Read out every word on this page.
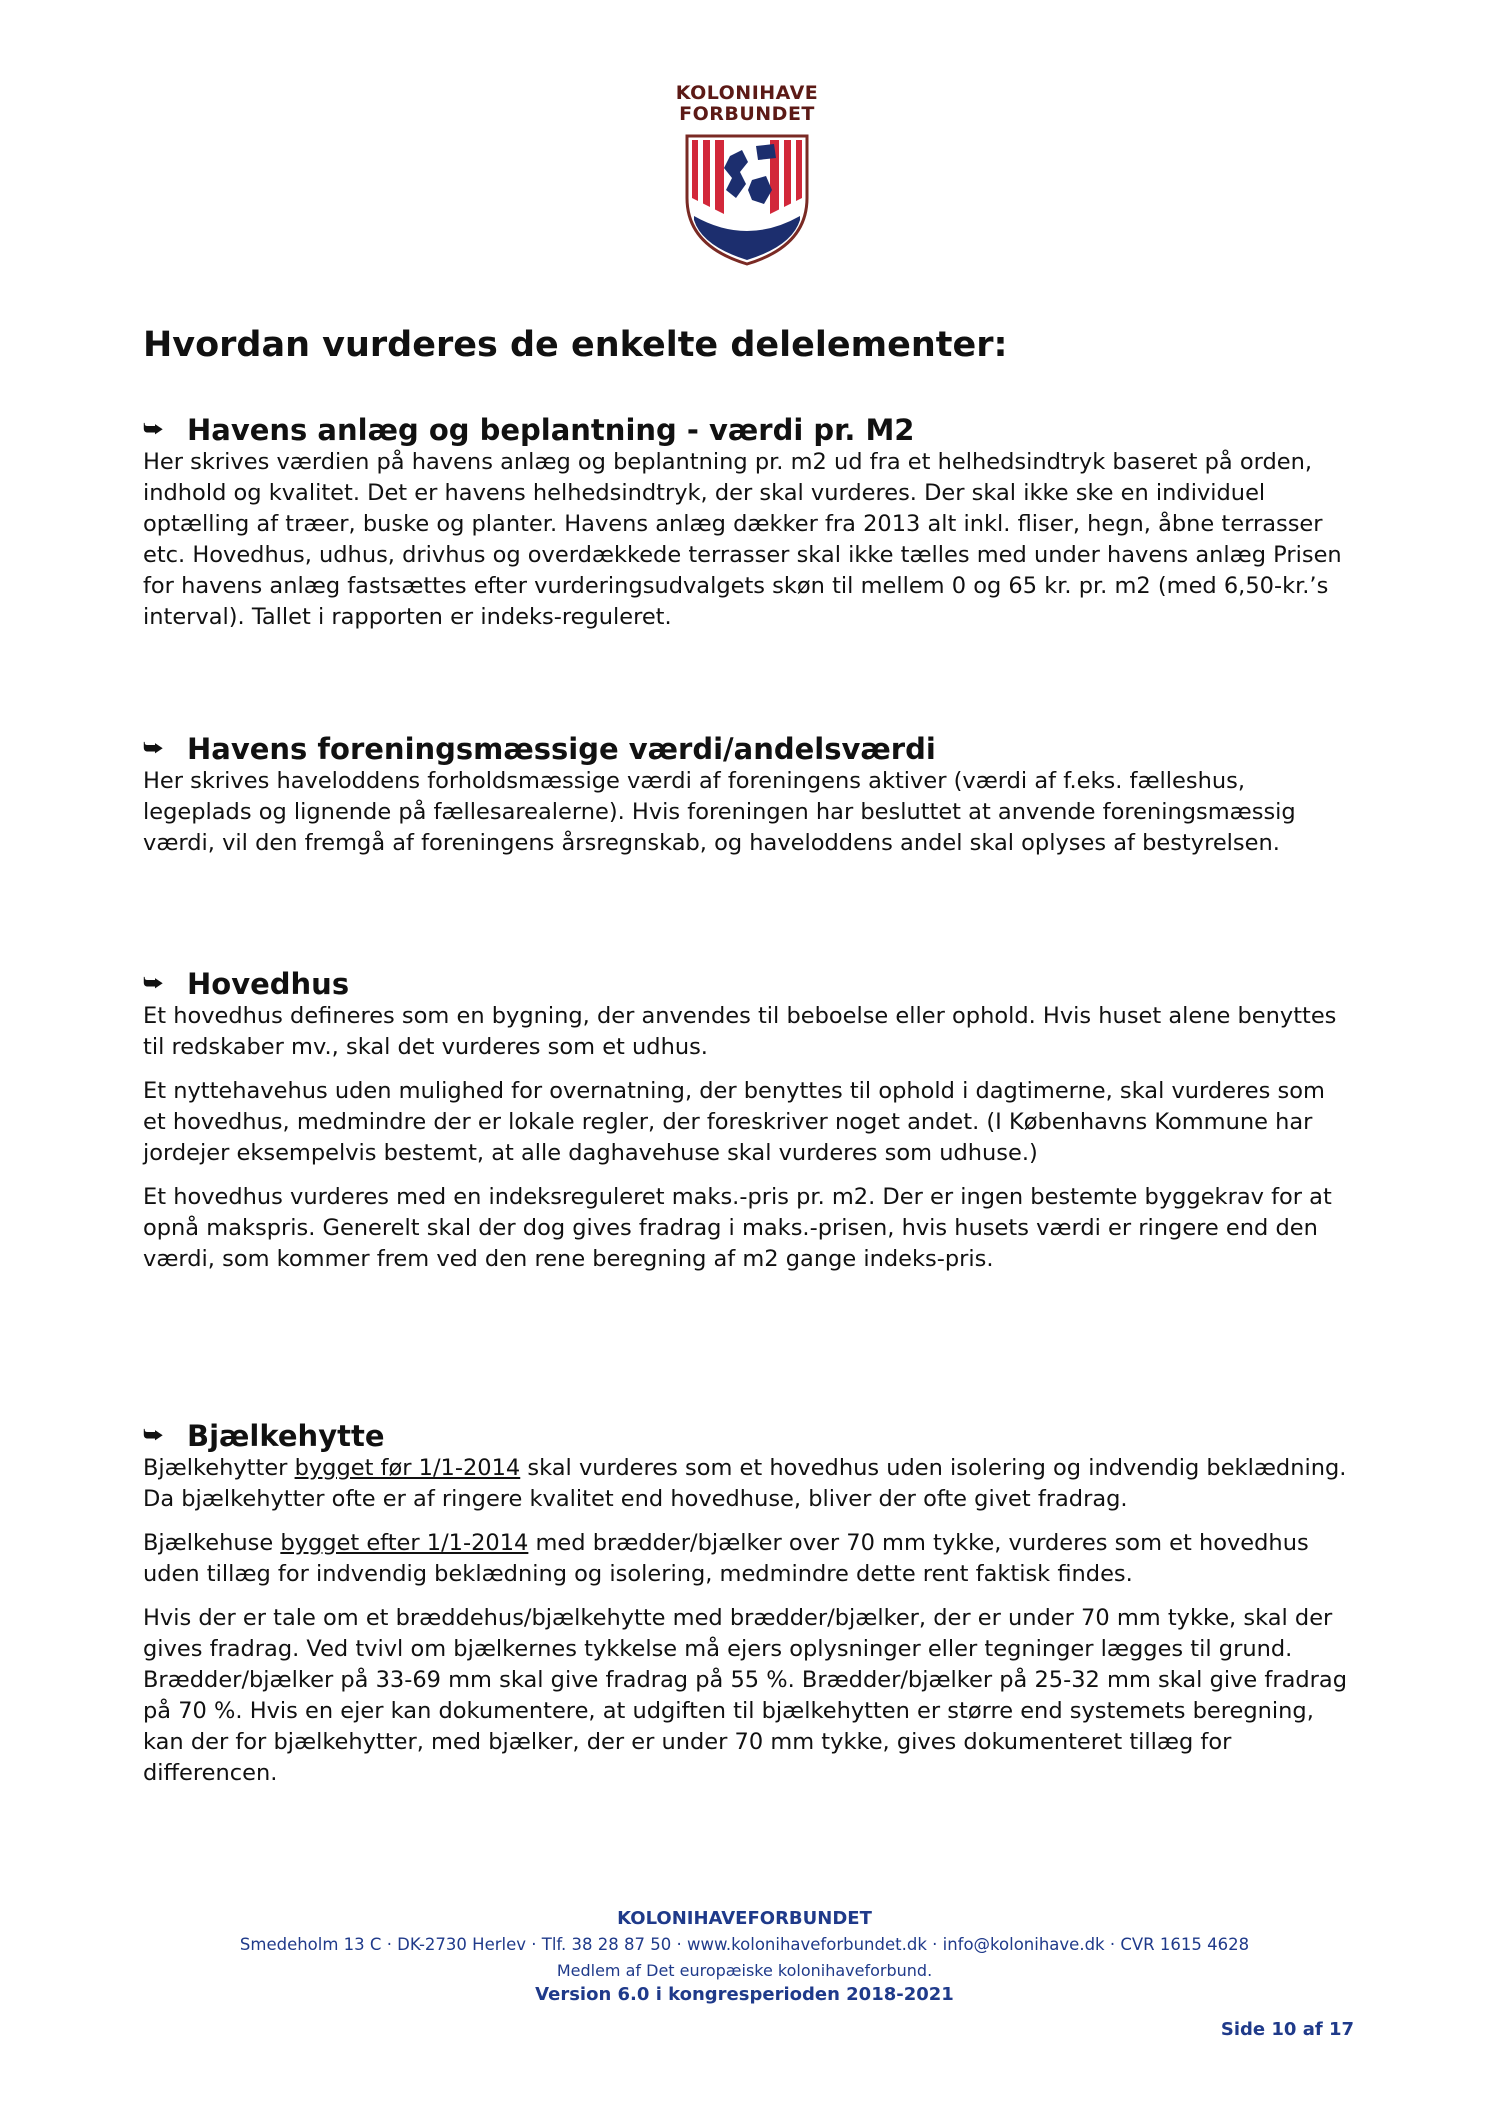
KOLONIHAVE
FORBUNDET
Hvordan vurderes de enkelte delelementer:
⮩ Havens anlæg og beplantning - værdi pr. M2

Her skrives værdien på havens anlæg og beplantning pr. m2 ud fra et helhedsindtryk baseret på orden, indhold og kvalitet. Det er havens helhedsindtryk, der skal vurderes. Der skal ikke ske en individuel optælling af træer, buske og planter. Havens anlæg dækker fra 2013 alt inkl. fliser, hegn, åbne terrasser etc. Hovedhus, udhus, drivhus og overdækkede terrasser skal ikke tælles med under havens anlæg Prisen for havens anlæg fastsættes efter vurderingsudvalgets skøn til mellem 0 og 65 kr. pr. m2 (med 6,50-kr.’s interval). Tallet i rapporten er indeks-reguleret.

⮩ Havens foreningsmæssige værdi/andelsværdi

Her skrives haveloddens forholdsmæssige værdi af foreningens aktiver (værdi af f.eks. fælleshus, legeplads og lignende på fællesarealerne). Hvis foreningen har besluttet at anvende foreningsmæssig værdi, vil den fremgå af foreningens årsregnskab, og haveloddens andel skal oplyses af bestyrelsen.

⮩ Hovedhus

Et hovedhus defineres som en bygning, der anvendes til beboelse eller ophold. Hvis huset alene benyttes til redskaber mv., skal det vurderes som et udhus.

Et nyttehavehus uden mulighed for overnatning, der benyttes til ophold i dagtimerne, skal vurderes som et hovedhus, medmindre der er lokale regler, der foreskriver noget andet. (I Københavns Kommune har jordejer eksempelvis bestemt, at alle daghavehuse skal vurderes som udhuse.)

Et hovedhus vurderes med en indeksreguleret maks.-pris pr. m2. Der er ingen bestemte byggekrav for at opnå makspris. Generelt skal der dog gives fradrag i maks.-prisen, hvis husets værdi er ringere end den værdi, som kommer frem ved den rene beregning af m2 gange indeks-pris.

⮩ Bjælkehytte

Bjælkehytter bygget før 1/1-2014 skal vurderes som et hovedhus uden isolering og indvendig beklædning. Da bjælkehytter ofte er af ringere kvalitet end hovedhuse, bliver der ofte givet fradrag.

Bjælkehuse bygget efter 1/1-2014 med brædder/bjælker over 70 mm tykke, vurderes som et hovedhus uden tillæg for indvendig beklædning og isolering, medmindre dette rent faktisk findes.

Hvis der er tale om et bræddehus/bjælkehytte med brædder/bjælker, der er under 70 mm tykke, skal der gives fradrag. Ved tvivl om bjælkernes tykkelse må ejers oplysninger eller tegninger lægges til grund. Brædder/bjælker på 33-69 mm skal give fradrag på 55 %. Brædder/bjælker på 25-32 mm skal give fradrag på 70 %. Hvis en ejer kan dokumentere, at udgiften til bjælkehytten er større end systemets beregning, kan der for bjælkehytter, med bjælker, der er under 70 mm tykke, gives dokumenteret tillæg for differencen.

KOLONIHAVEFORBUNDET
Smedeholm 13 C · DK-2730 Herlev · Tlf. 38 28 87 50 · www.kolonihaveforbundet.dk · info@kolonihave.dk · CVR 1615 4628
Medlem af Det europæiske kolonihaveforbund.
Version 6.0 i kongresperioden 2018-2021
Side 10 af 17
